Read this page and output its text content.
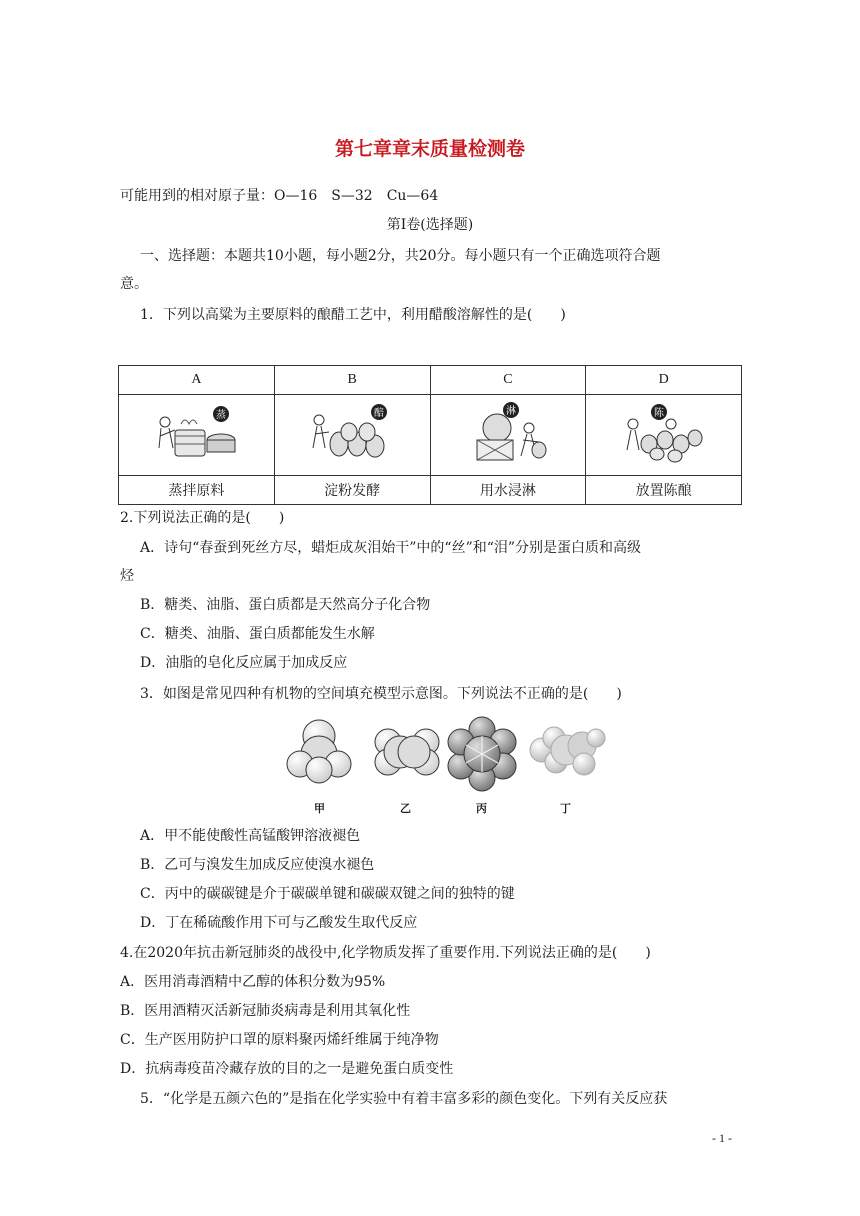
第七章章末质量检测卷
可能用到的相对原子量：O—16　S—32　Cu—64
第Ⅰ卷(选择题)
一、选择题：本题共10小题，每小题2分，共20分。每小题只有一个正确选项符合题
意。
1．下列以高粱为主要原料的酿醋工艺中，利用醋酸溶解性的是(　　)
A	B	C	D

蒸	醅	淋	陈

蒸拌原料	淀粉发酵	用水浸淋	放置陈酿
2.下列说法正确的是(　　)
A．诗句“春蚕到死丝方尽，蜡炬成灰泪始干”中的“丝”和“泪”分别是蛋白质和高级
烃
B．糖类、油脂、蛋白质都是天然高分子化合物
C．糖类、油脂、蛋白质都能发生水解
D．油脂的皂化反应属于加成反应
3．如图是常见四种有机物的空间填充模型示意图。下列说法不正确的是(　　)
甲	乙	丙	丁
A．甲不能使酸性高锰酸钾溶液褪色
B．乙可与溴发生加成反应使溴水褪色
C．丙中的碳碳键是介于碳碳单键和碳碳双键之间的独特的键
D．丁在稀硫酸作用下可与乙酸发生取代反应
4.在2020年抗击新冠肺炎的战役中,化学物质发挥了重要作用.下列说法正确的是(　　)
A．医用消毒酒精中乙醇的体积分数为95%
B．医用酒精灭活新冠肺炎病毒是利用其氧化性
C．生产医用防护口罩的原料聚丙烯纤维属于纯净物
D．抗病毒疫苗冷藏存放的目的之一是避免蛋白质变性
5．“化学是五颜六色的”是指在化学实验中有着丰富多彩的颜色变化。下列有关反应获
- 1 -
